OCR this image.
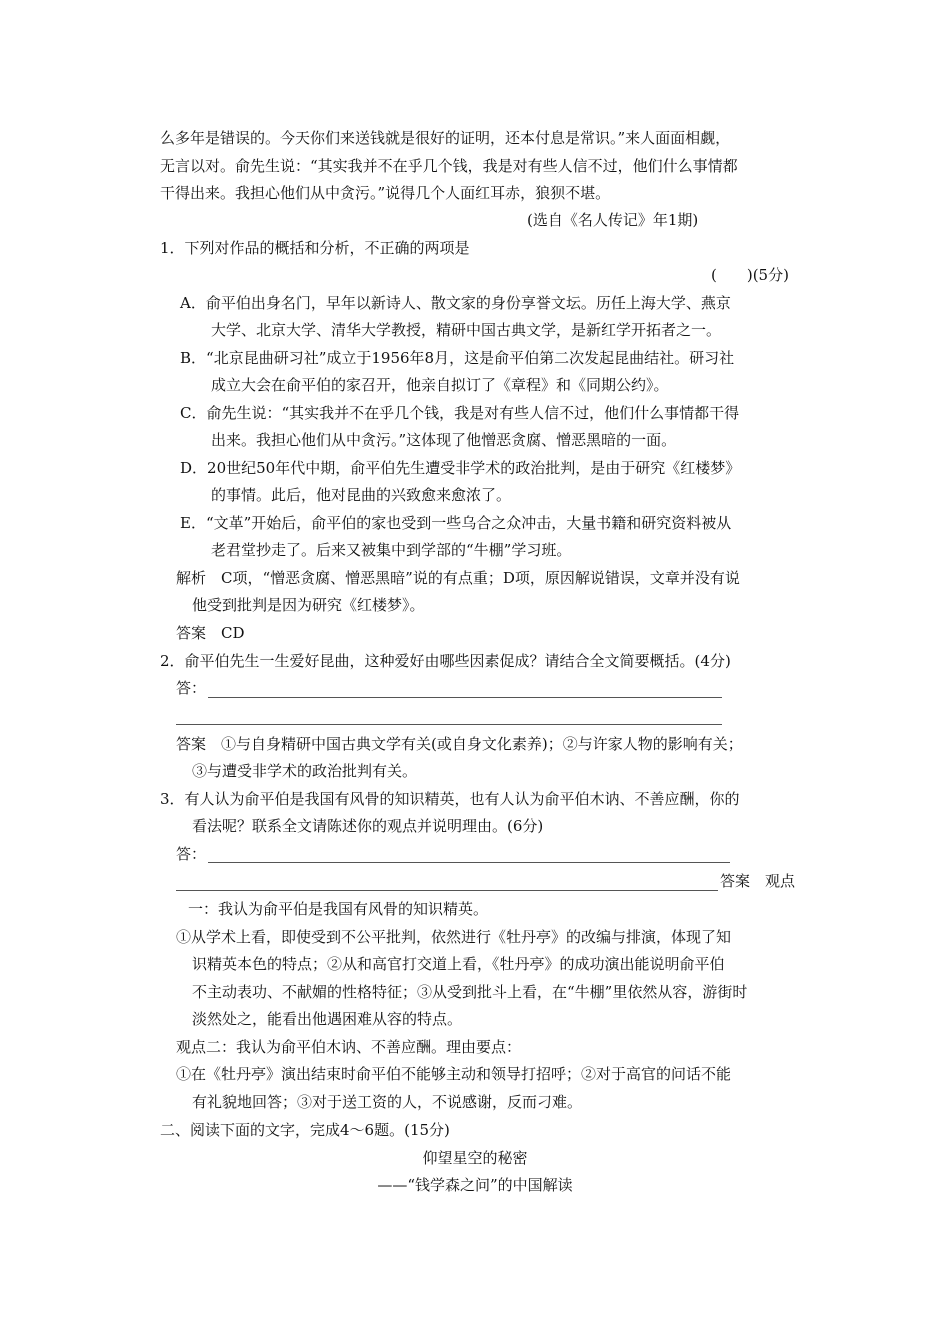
么多年是错误的。今天你们来送钱就是很好的证明，还本付息是常识。”来人面面相觑，
无言以对。俞先生说：“其实我并不在乎几个钱，我是对有些人信不过，他们什么事情都
干得出来。我担心他们从中贪污。”说得几个人面红耳赤，狼狈不堪。
(选自《名人传记》年1期)
1．下列对作品的概括和分析，不正确的两项是
(　　)(5分)
A．俞平伯出身名门，早年以新诗人、散文家的身份享誉文坛。历任上海大学、燕京
大学、北京大学、清华大学教授，精研中国古典文学，是新红学开拓者之一。
B．“北京昆曲研习社”成立于1956年8月，这是俞平伯第二次发起昆曲结社。研习社
成立大会在俞平伯的家召开，他亲自拟订了《章程》和《同期公约》。
C．俞先生说：“其实我并不在乎几个钱，我是对有些人信不过，他们什么事情都干得
出来。我担心他们从中贪污。”这体现了他憎恶贪腐、憎恶黑暗的一面。
D．20世纪50年代中期，俞平伯先生遭受非学术的政治批判，是由于研究《红楼梦》
的事情。此后，他对昆曲的兴致愈来愈浓了。
E．“文革”开始后，俞平伯的家也受到一些乌合之众冲击，大量书籍和研究资料被从
老君堂抄走了。后来又被集中到学部的“牛棚”学习班。
解析　C项，“憎恶贪腐、憎恶黑暗”说的有点重；D项，原因解说错误，文章并没有说
他受到批判是因为研究《红楼梦》。
答案　CD
2．俞平伯先生一生爱好昆曲，这种爱好由哪些因素促成？请结合全文简要概括。(4分)
答：
答案　①与自身精研中国古典文学有关(或自身文化素养)；②与许家人物的影响有关；
③与遭受非学术的政治批判有关。
3．有人认为俞平伯是我国有风骨的知识精英，也有人认为俞平伯木讷、不善应酬，你的
看法呢？联系全文请陈述你的观点并说明理由。(6分)
答：
答案　观点
一：我认为俞平伯是我国有风骨的知识精英。
①从学术上看，即使受到不公平批判，依然进行《牡丹亭》的改编与排演，体现了知
识精英本色的特点；②从和高官打交道上看，《牡丹亭》的成功演出能说明俞平伯
不主动表功、不献媚的性格特征；③从受到批斗上看，在“牛棚”里依然从容，游街时
淡然处之，能看出他遇困难从容的特点。
观点二：我认为俞平伯木讷、不善应酬。理由要点：
①在《牡丹亭》演出结束时俞平伯不能够主动和领导打招呼；②对于高官的问话不能
有礼貌地回答；③对于送工资的人，不说感谢，反而刁难。
二、阅读下面的文字，完成4～6题。(15分)
仰望星空的秘密
——“钱学森之问”的中国解读
